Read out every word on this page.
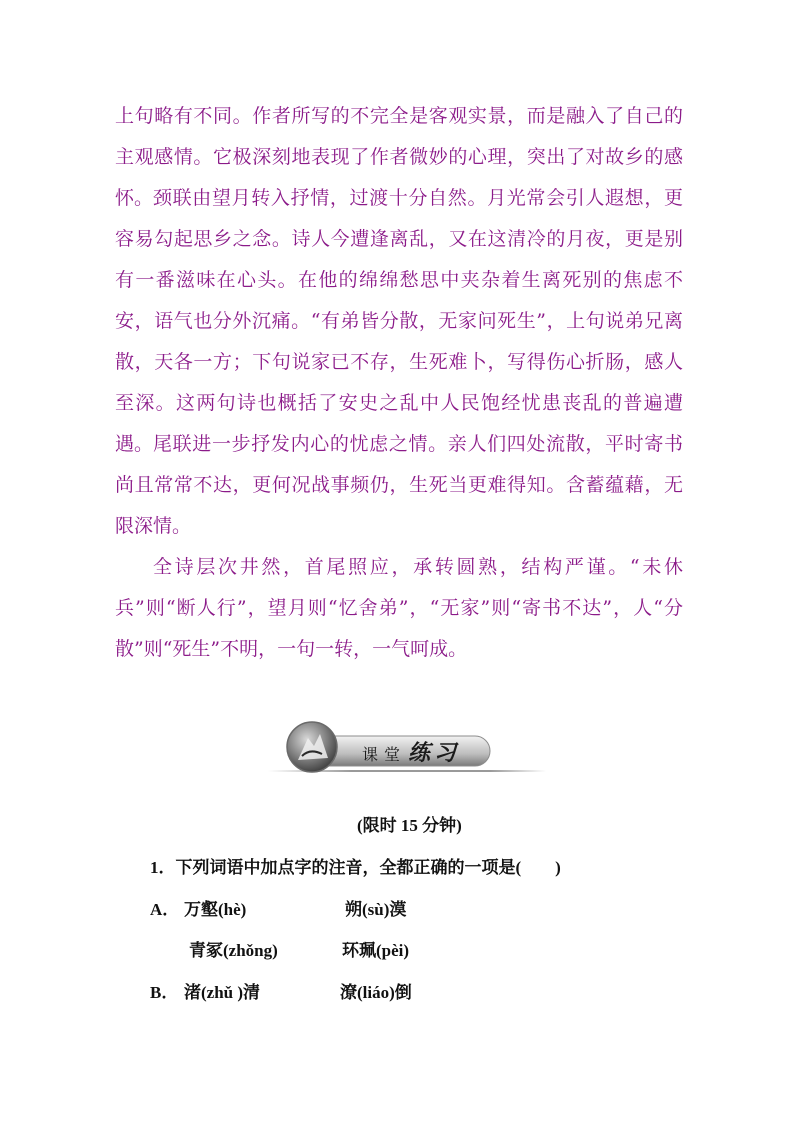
上句略有不同。作者所写的不完全是客观实景，而是融入了自己的主观感情。它极深刻地表现了作者微妙的心理，突出了对故乡的感怀。 颈联由望月转入抒情，过渡十分自然。月光常会引人遐想，更容易勾起思乡之念。诗人今遭逢离乱，又在这清冷的月夜，更是别有一番滋味在心头。在他的绵绵愁思中夹杂着生离死别的焦虑不安，语气也分外沉痛。“有弟皆分散，无家问死生”，上句说弟兄离散，天各一方；下句说家已不存，生死难卜，写得伤心折肠，感人至深。这两句诗也概括了安史之乱中人民饱经忧患丧乱的普遍遭遇。 尾联进一步抒发内心的忧虑之情。亲人们四处流散，平时寄书尚且常常不达，更何况战事频仍，生死当更难得知。含蓄蕴藉，无限深情。

全诗层次井然，首尾照应，承转圆熟，结构严谨。“未休兵”则“断人行”，望月则“忆舍弟”，“无家”则“寄书不达”，人“分散”则“死生”不明，一句一转，一气呵成。

课堂 练习
(限时 15 分钟)
1．下列词语中加点字的注音，全都正确的一项是(　　)
A． 万壑(hè)	朔(sù)漠
青冢(zhǒng)	环珮(pèi)
B． 渚(zhǔ )清	潦(liáo)倒
